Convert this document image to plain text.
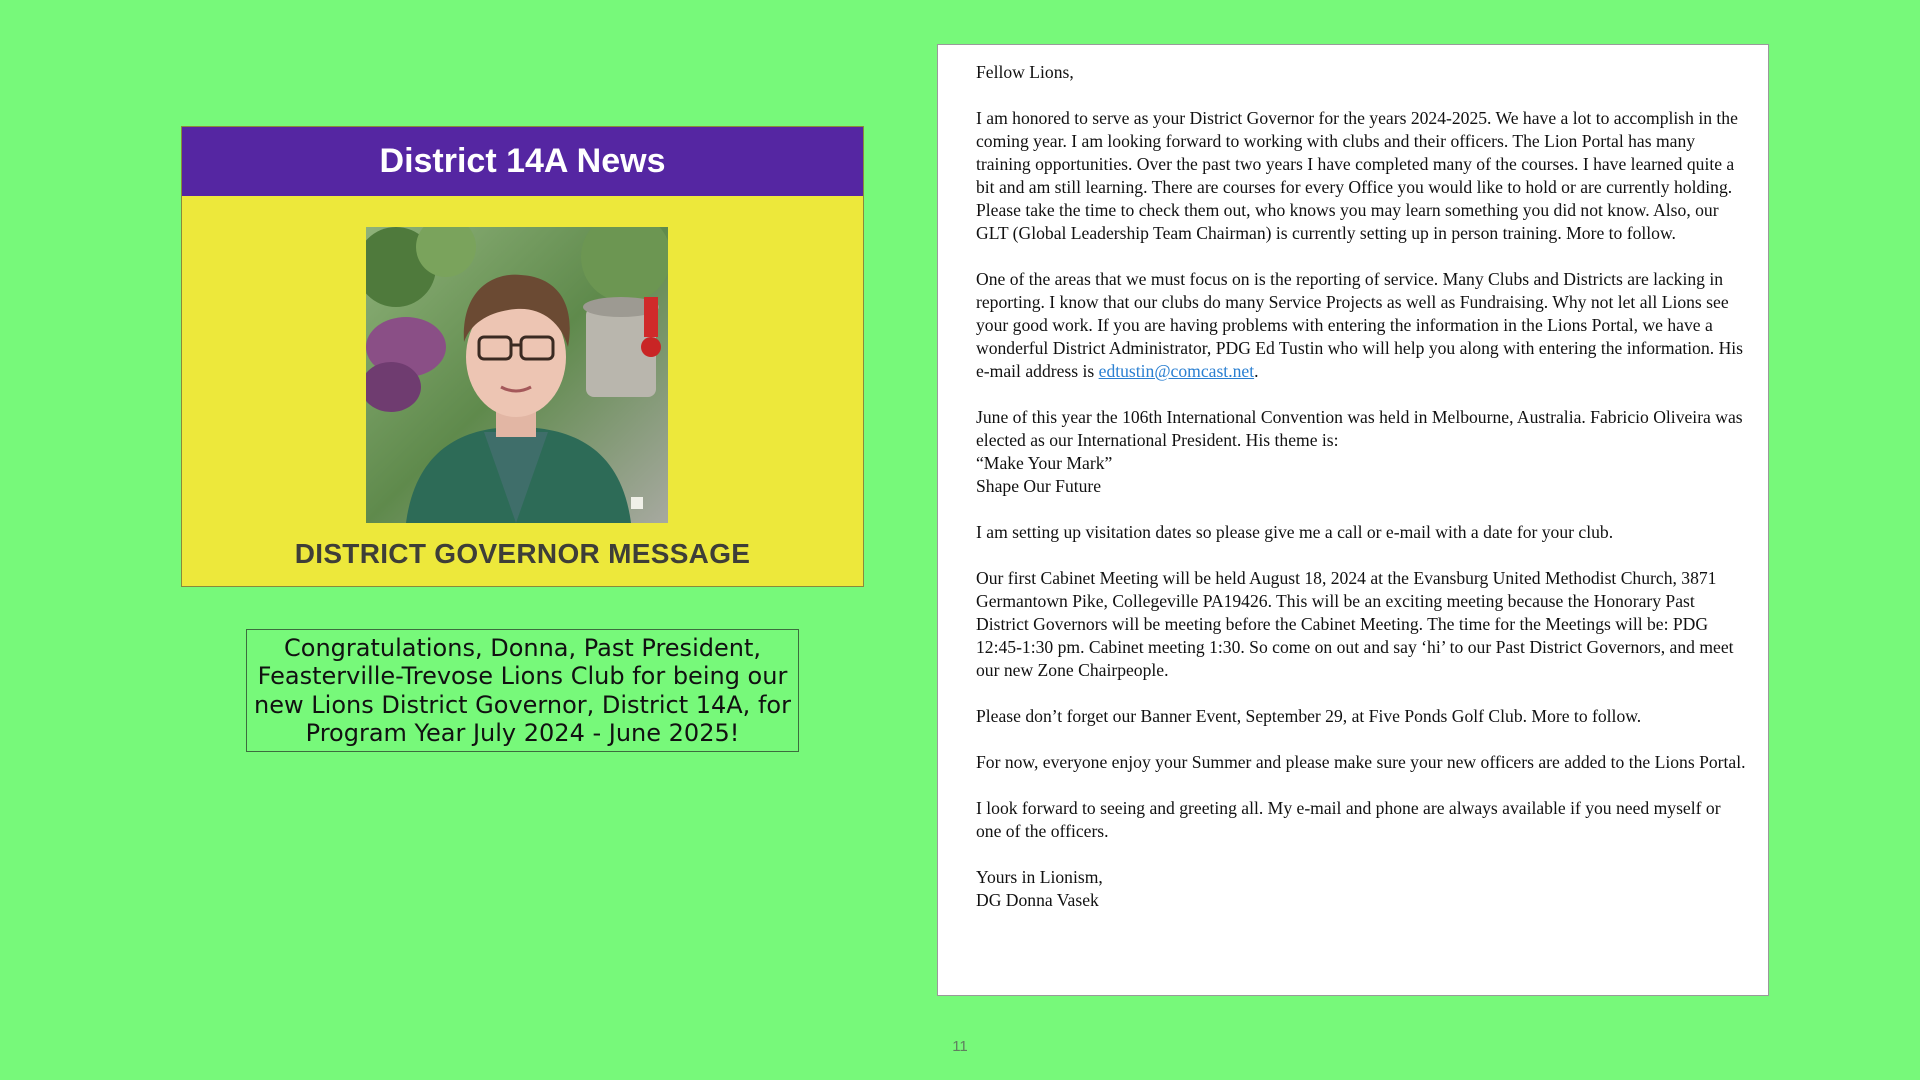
District 14A News
DISTRICT GOVERNOR MESSAGE
Congratulations, Donna, Past President,
Feasterville-Trevose Lions Club for being our
new Lions District Governor, District 14A, for
Program Year July 2024 - June 2025!

Fellow Lions,

I am honored to serve as your District Governor for the years 2024-2025. We have a lot to accomplish in the coming year. I am looking forward to working with clubs and their officers. The Lion Portal has many training opportunities. Over the past two years I have completed many of the courses. I have learned quite a bit and am still learning. There are courses for every Office you would like to hold or are currently holding. Please take the time to check them out, who knows you may learn something you did not know. Also, our GLT (Global Leadership Team Chairman) is currently setting up in person training. More to follow.

One of the areas that we must focus on is the reporting of service. Many Clubs and Districts are lacking in reporting. I know that our clubs do many Service Projects as well as Fundraising. Why not let all Lions see your good work. If you are having problems with entering the information in the Lions Portal, we have a wonderful District Administrator, PDG Ed Tustin who will help you along with entering the information. His e-mail address is edtustin@comcast.net.

June of this year the 106th International Convention was held in Melbourne, Australia. Fabricio Oliveira was elected as our International President. His theme is:
“Make Your Mark”
Shape Our Future

I am setting up visitation dates so please give me a call or e-mail with a date for your club.

Our first Cabinet Meeting will be held August 18, 2024 at the Evansburg United Methodist Church, 3871 Germantown Pike, Collegeville PA19426. This will be an exciting meeting because the Honorary Past District Governors will be meeting before the Cabinet Meeting. The time for the Meetings will be: PDG 12:45-1:30 pm. Cabinet meeting 1:30. So come on out and say ‘hi’ to our Past District Governors, and meet our new Zone Chairpeople.

Please don’t forget our Banner Event, September 29, at Five Ponds Golf Club. More to follow.

For now, everyone enjoy your Summer and please make sure your new officers are added to the Lions Portal.

I look forward to seeing and greeting all. My e-mail and phone are always available if you need myself or one of the officers.

Yours in Lionism,
DG Donna Vasek

11
